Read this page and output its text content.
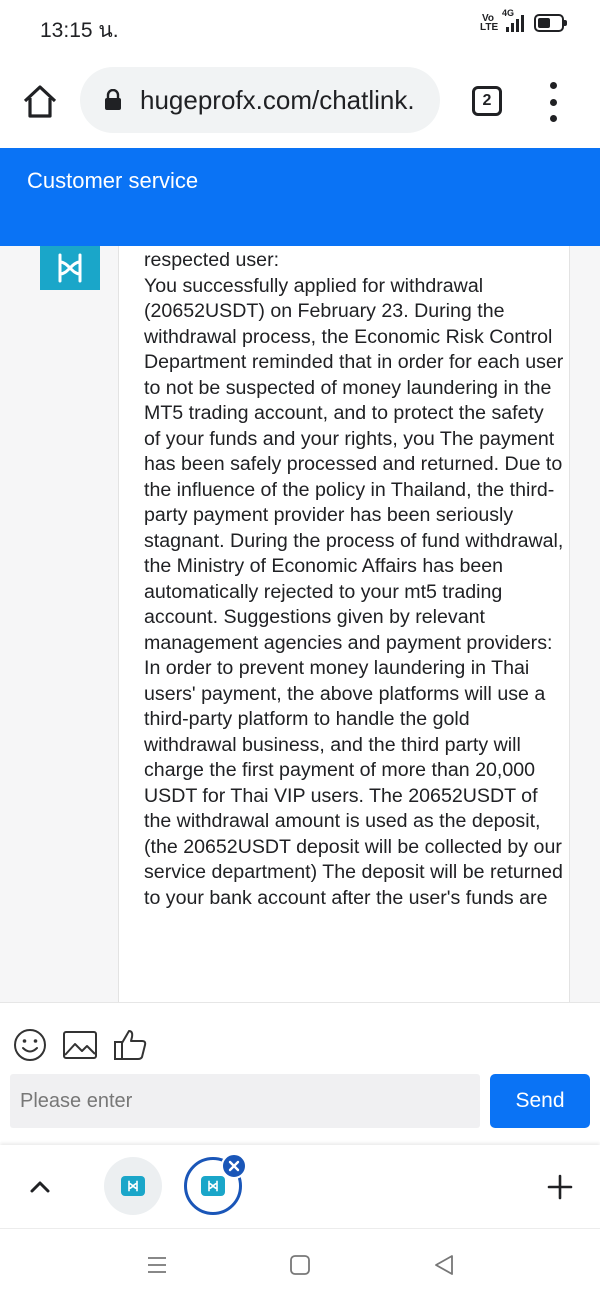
13:15 น.
Vo
LTE
4G
hugeprofx.com/chatlink.	2
Customer service
respected user:
You successfully applied for withdrawal (20652USDT) on February 23. During the withdrawal process, the Economic Risk Control Department reminded that in order for each user to not be suspected of money laundering in the MT5 trading account, and to protect the safety of your funds and your rights, you The payment has been safely processed and returned. Due to the influence of the policy in Thailand, the third-party payment provider has been seriously stagnant. During the process of fund withdrawal, the Ministry of Economic Affairs has been automatically rejected to your mt5 trading account. Suggestions given by relevant management agencies and payment providers: In order to prevent money laundering in Thai users' payment, the above platforms will use a third-party platform to handle the gold withdrawal business, and the third party will charge the first payment of more than 20,000 USDT for Thai VIP users. The 20652USDT of the withdrawal amount is used as the deposit, (the 20652USDT deposit will be collected by our service department) The deposit will be returned to your bank account after the user's funds are
Please enter
Send
